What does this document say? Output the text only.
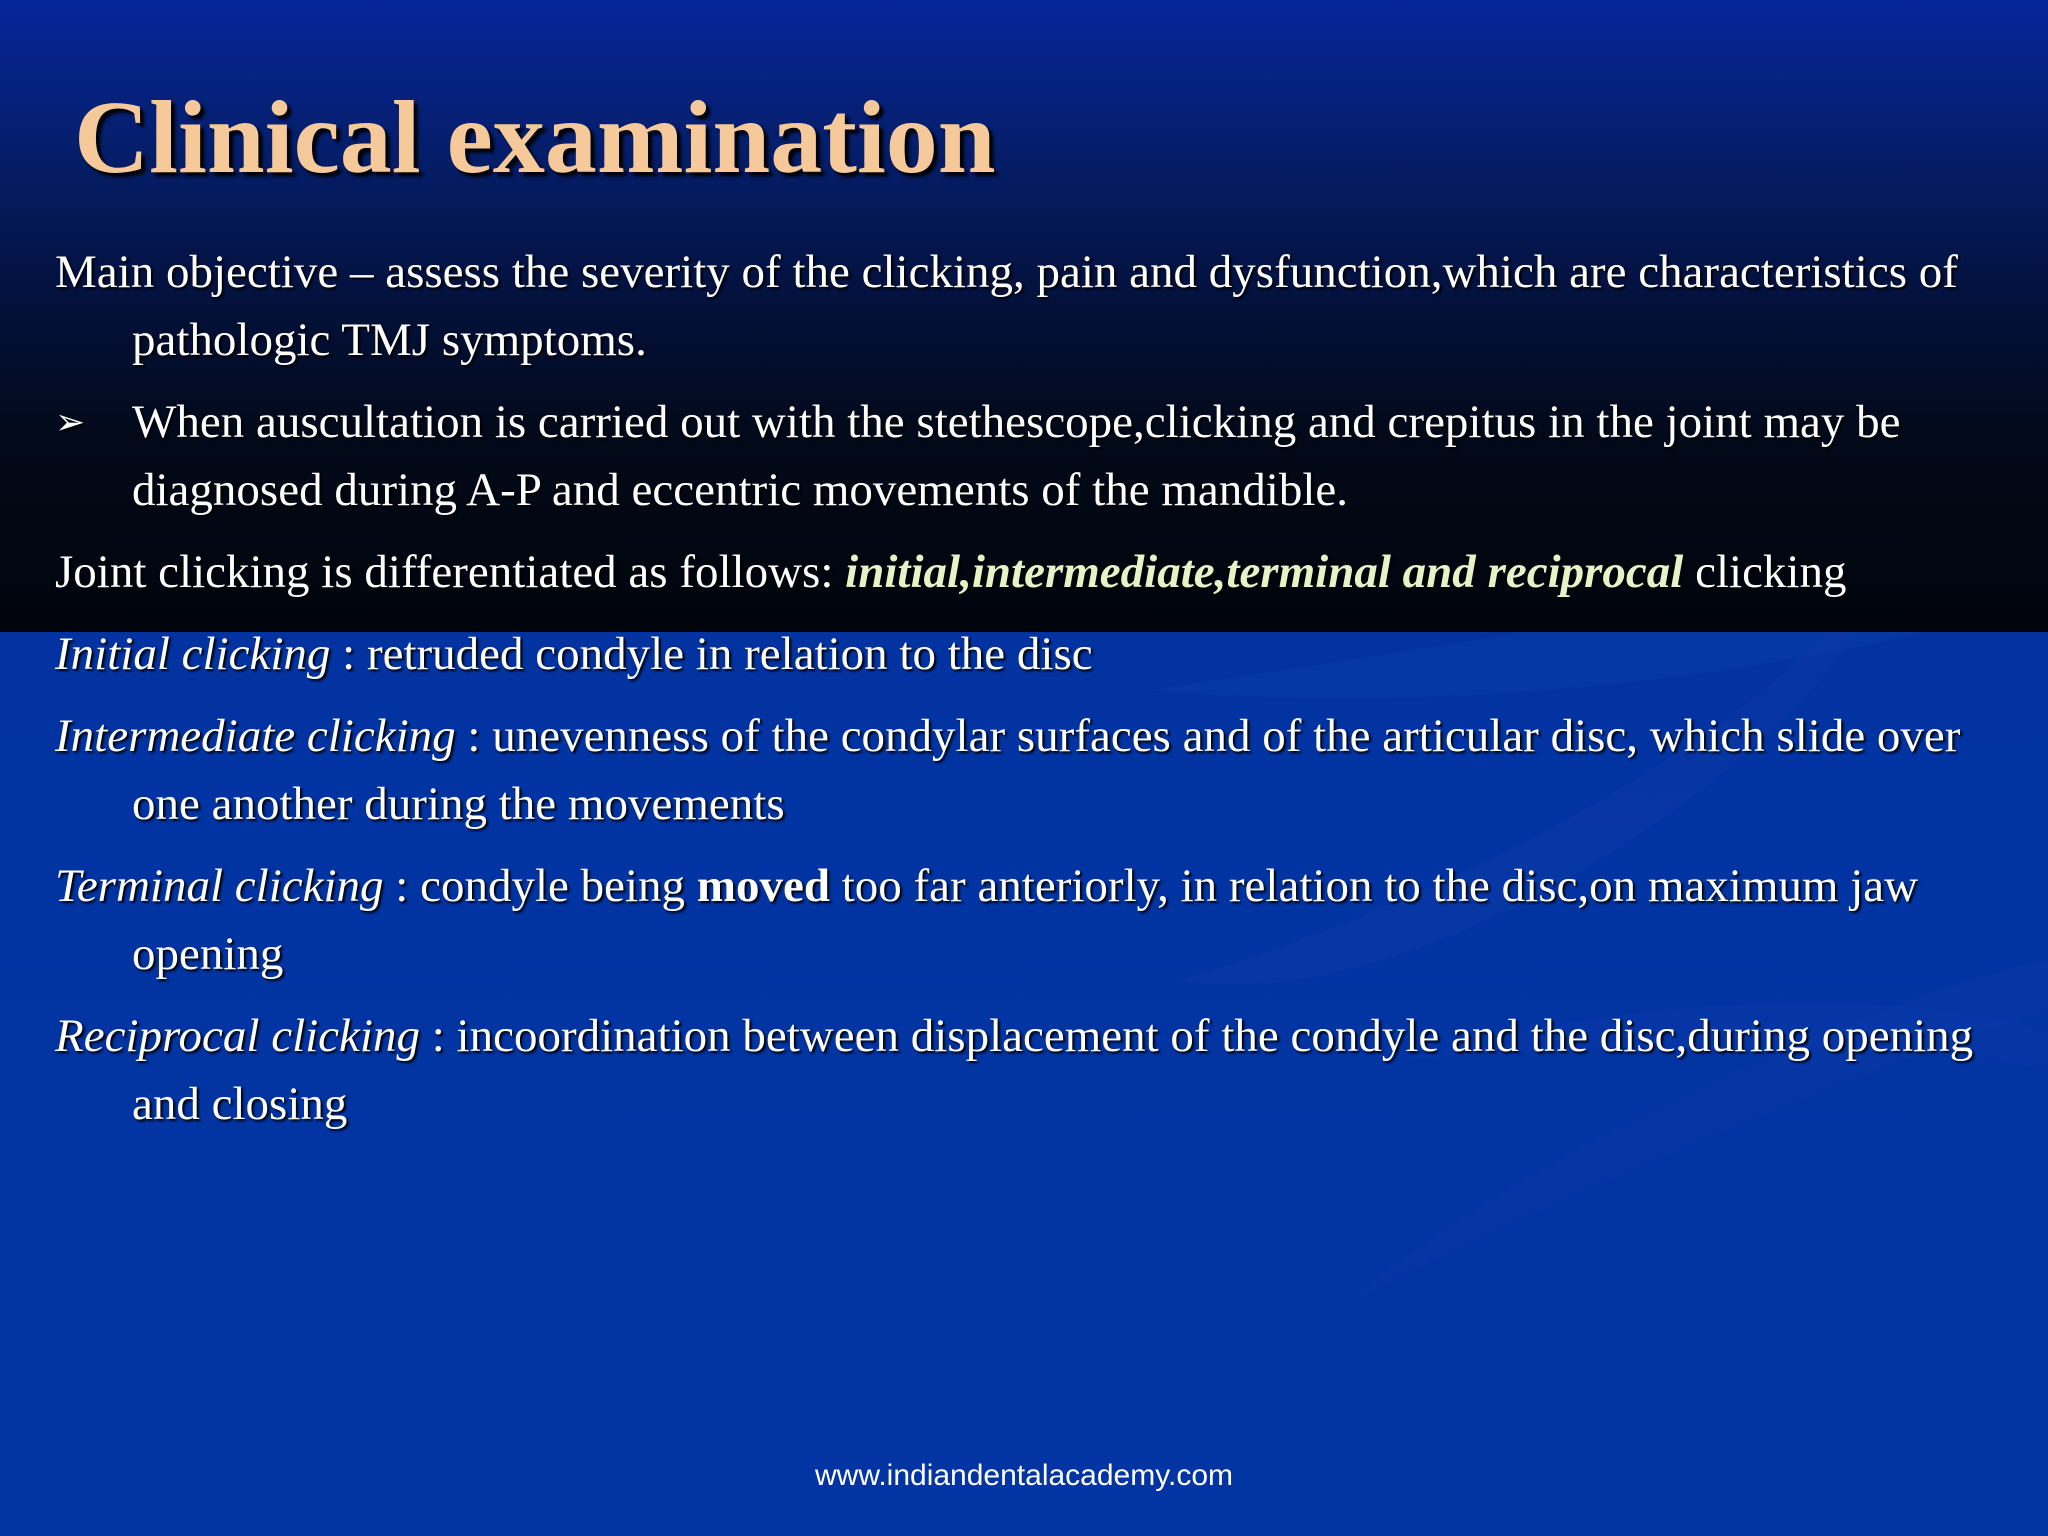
Clinical examination

Main objective – assess the severity of the clicking, pain and dysfunction,which are characteristics of pathologic TMJ symptoms.

➢ When auscultation is carried out with the stethescope,clicking and crepitus in the joint may be diagnosed during A-P and eccentric movements of the mandible.

Joint clicking is differentiated as follows: initial,intermediate,terminal and reciprocal clicking

Initial clicking : retruded condyle in relation to the disc

Intermediate clicking : unevenness of the condylar surfaces and of the articular disc, which slide over one another during the movements

Terminal clicking : condyle being moved too far anteriorly, in relation to the disc,on maximum jaw opening

Reciprocal clicking : incoordination between displacement of the condyle and the disc,during opening and closing

www.indiandentalacademy.com
